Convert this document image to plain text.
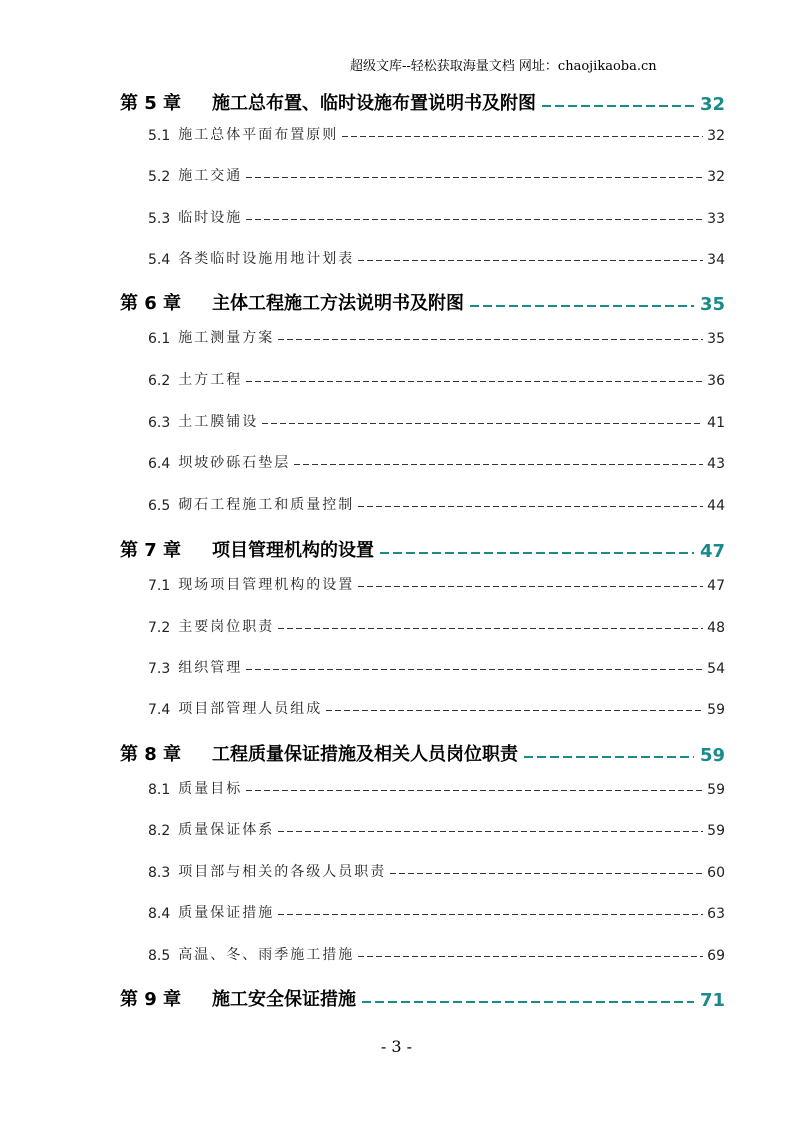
超级文库--轻松获取海量文档 网址：chaojikaoba.cn
第 5 章	施工总布置、临时设施布置说明书及附图	32
5.1 施工总体平面布置原则	32
5.2 施工交通	32
5.3 临时设施	33
5.4 各类临时设施用地计划表	34
第 6 章	主体工程施工方法说明书及附图	35
6.1 施工测量方案	35
6.2 土方工程	36
6.3 土工膜铺设	41
6.4 坝坡砂砾石垫层	43
6.5 砌石工程施工和质量控制	44
第 7 章	项目管理机构的设置	47
7.1 现场项目管理机构的设置	47
7.2 主要岗位职责	48
7.3 组织管理	54
7.4 项目部管理人员组成	59
第 8 章	工程质量保证措施及相关人员岗位职责	59
8.1 质量目标	59
8.2 质量保证体系	59
8.3 项目部与相关的各级人员职责	60
8.4 质量保证措施	63
8.5 高温、冬、雨季施工措施	69
第 9 章	施工安全保证措施	71
- 3 -
